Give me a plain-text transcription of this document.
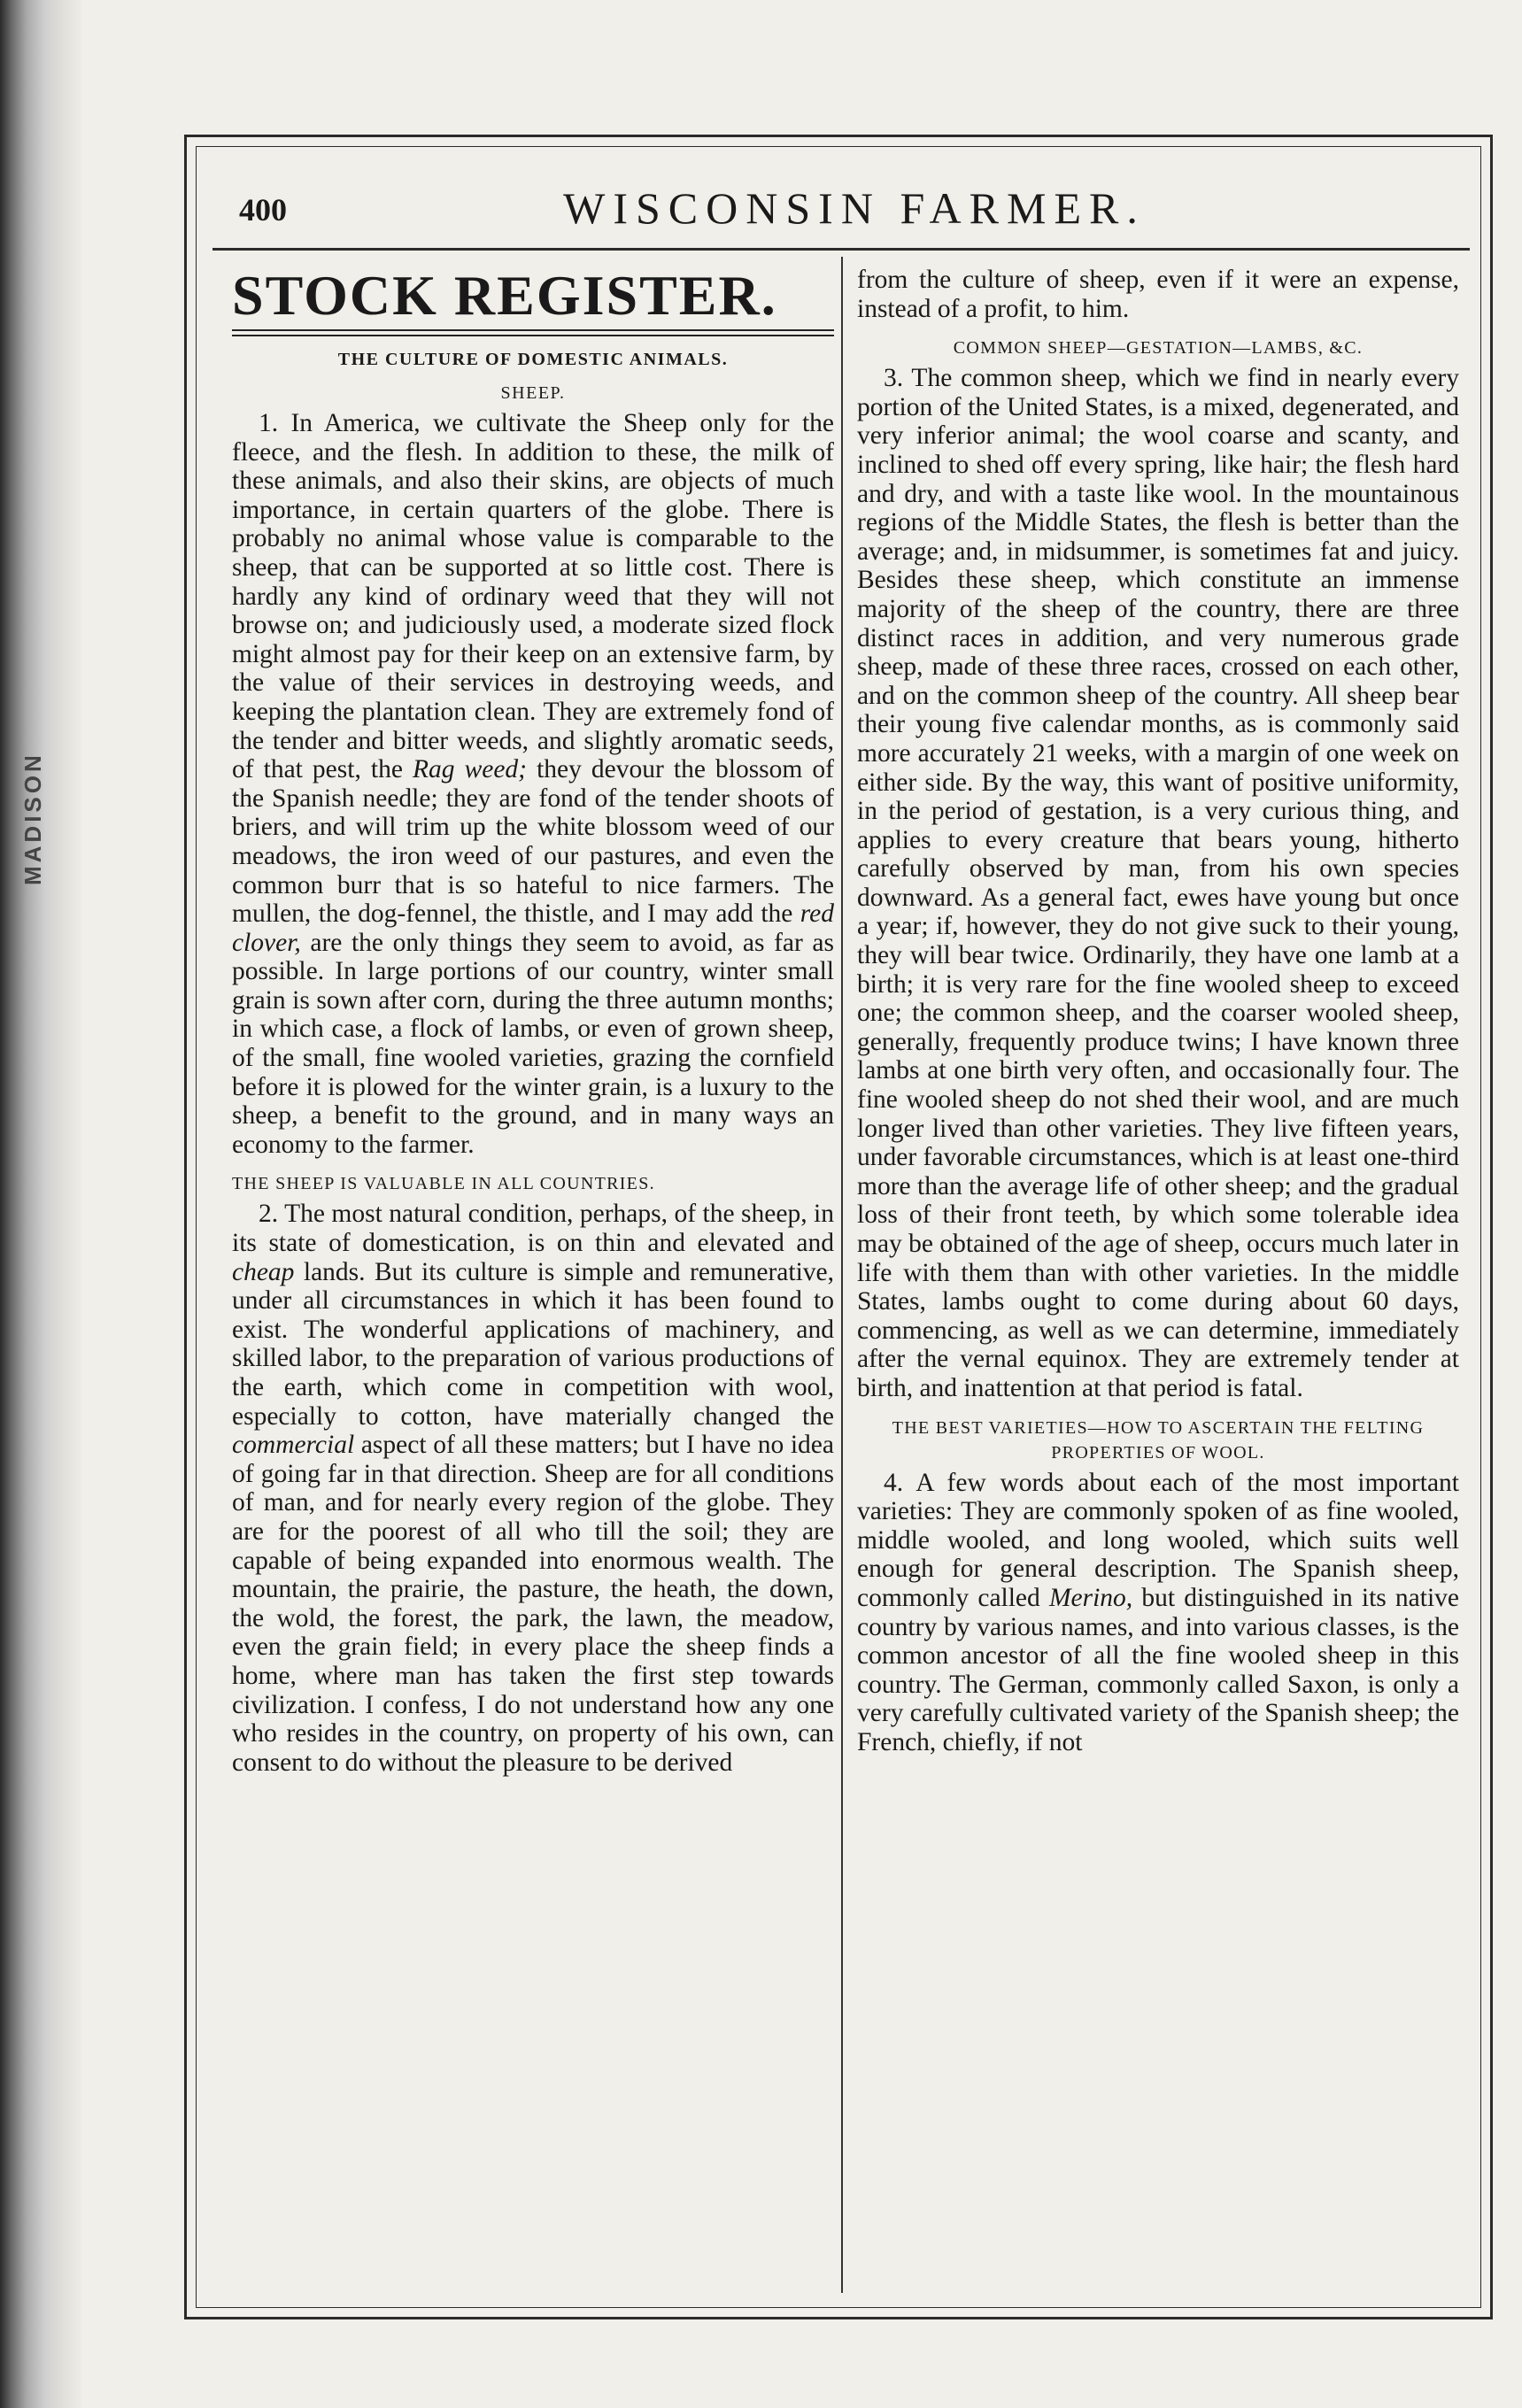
MADISON
400	WISCONSIN FARMER.
STOCK REGISTER.
THE CULTURE OF DOMESTIC ANIMALS.
SHEEP.

1. In America, we cultivate the Sheep only for the fleece, and the flesh. In addition to these, the milk of these animals, and also their skins, are objects of much importance, in certain quarters of the globe. There is probably no animal whose value is comparable to the sheep, that can be supported at so little cost. There is hardly any kind of ordinary weed that they will not browse on; and judiciously used, a moderate sized flock might almost pay for their keep on an extensive farm, by the value of their services in destroying weeds, and keeping the plantation clean. They are extremely fond of the tender and bitter weeds, and slightly aromatic seeds, of that pest, the Rag weed; they devour the blossom of the Spanish needle; they are fond of the tender shoots of briers, and will trim up the white blossom weed of our meadows, the iron weed of our pastures, and even the common burr that is so hateful to nice farmers. The mullen, the dog-fennel, the thistle, and I may add the red clover, are the only things they seem to avoid, as far as possible. In large portions of our country, winter small grain is sown after corn, during the three autumn months; in which case, a flock of lambs, or even of grown sheep, of the small, fine wooled varieties, grazing the cornfield before it is plowed for the winter grain, is a luxury to the sheep, a benefit to the ground, and in many ways an economy to the farmer.

THE SHEEP IS VALUABLE IN ALL COUNTRIES.

2. The most natural condition, perhaps, of the sheep, in its state of domestication, is on thin and elevated and cheap lands. But its culture is simple and remunerative, under all circumstances in which it has been found to exist. The wonderful applications of machinery, and skilled labor, to the preparation of various productions of the earth, which come in competition with wool, especially to cotton, have materially changed the commercial aspect of all these matters; but I have no idea of going far in that direction. Sheep are for all conditions of man, and for nearly every region of the globe. They are for the poorest of all who till the soil; they are capable of being expanded into enormous wealth. The mountain, the prairie, the pasture, the heath, the down, the wold, the forest, the park, the lawn, the meadow, even the grain field; in every place the sheep finds a home, where man has taken the first step towards civilization. I confess, I do not understand how any one who resides in the country, on property of his own, can consent to do without the pleasure to be derived

from the culture of sheep, even if it were an expense, instead of a profit, to him.

COMMON SHEEP—GESTATION—LAMBS, &C.

3. The common sheep, which we find in nearly every portion of the United States, is a mixed, degenerated, and very inferior animal; the wool coarse and scanty, and inclined to shed off every spring, like hair; the flesh hard and dry, and with a taste like wool. In the mountainous regions of the Middle States, the flesh is better than the average; and, in midsummer, is sometimes fat and juicy. Besides these sheep, which constitute an immense majority of the sheep of the country, there are three distinct races in addition, and very numerous grade sheep, made of these three races, crossed on each other, and on the common sheep of the country. All sheep bear their young five calendar months, as is commonly said more accurately 21 weeks, with a margin of one week on either side. By the way, this want of positive uniformity, in the period of gestation, is a very curious thing, and applies to every creature that bears young, hitherto carefully observed by man, from his own species downward. As a general fact, ewes have young but once a year; if, however, they do not give suck to their young, they will bear twice. Ordinarily, they have one lamb at a birth; it is very rare for the fine wooled sheep to exceed one; the common sheep, and the coarser wooled sheep, generally, frequently produce twins; I have known three lambs at one birth very often, and occasionally four. The fine wooled sheep do not shed their wool, and are much longer lived than other varieties. They live fifteen years, under favorable circumstances, which is at least one-third more than the average life of other sheep; and the gradual loss of their front teeth, by which some tolerable idea may be obtained of the age of sheep, occurs much later in life with them than with other varieties. In the middle States, lambs ought to come during about 60 days, commencing, as well as we can determine, immediately after the vernal equinox. They are extremely tender at birth, and inattention at that period is fatal.

THE BEST VARIETIES—HOW TO ASCERTAIN THE FELTING PROPERTIES OF WOOL.

4. A few words about each of the most important varieties: They are commonly spoken of as fine wooled, middle wooled, and long wooled, which suits well enough for general description. The Spanish sheep, commonly called Merino, but distinguished in its native country by various names, and into various classes, is the common ancestor of all the fine wooled sheep in this country. The German, commonly called Saxon, is only a very carefully cultivated variety of the Spanish sheep; the French, chiefly, if not
